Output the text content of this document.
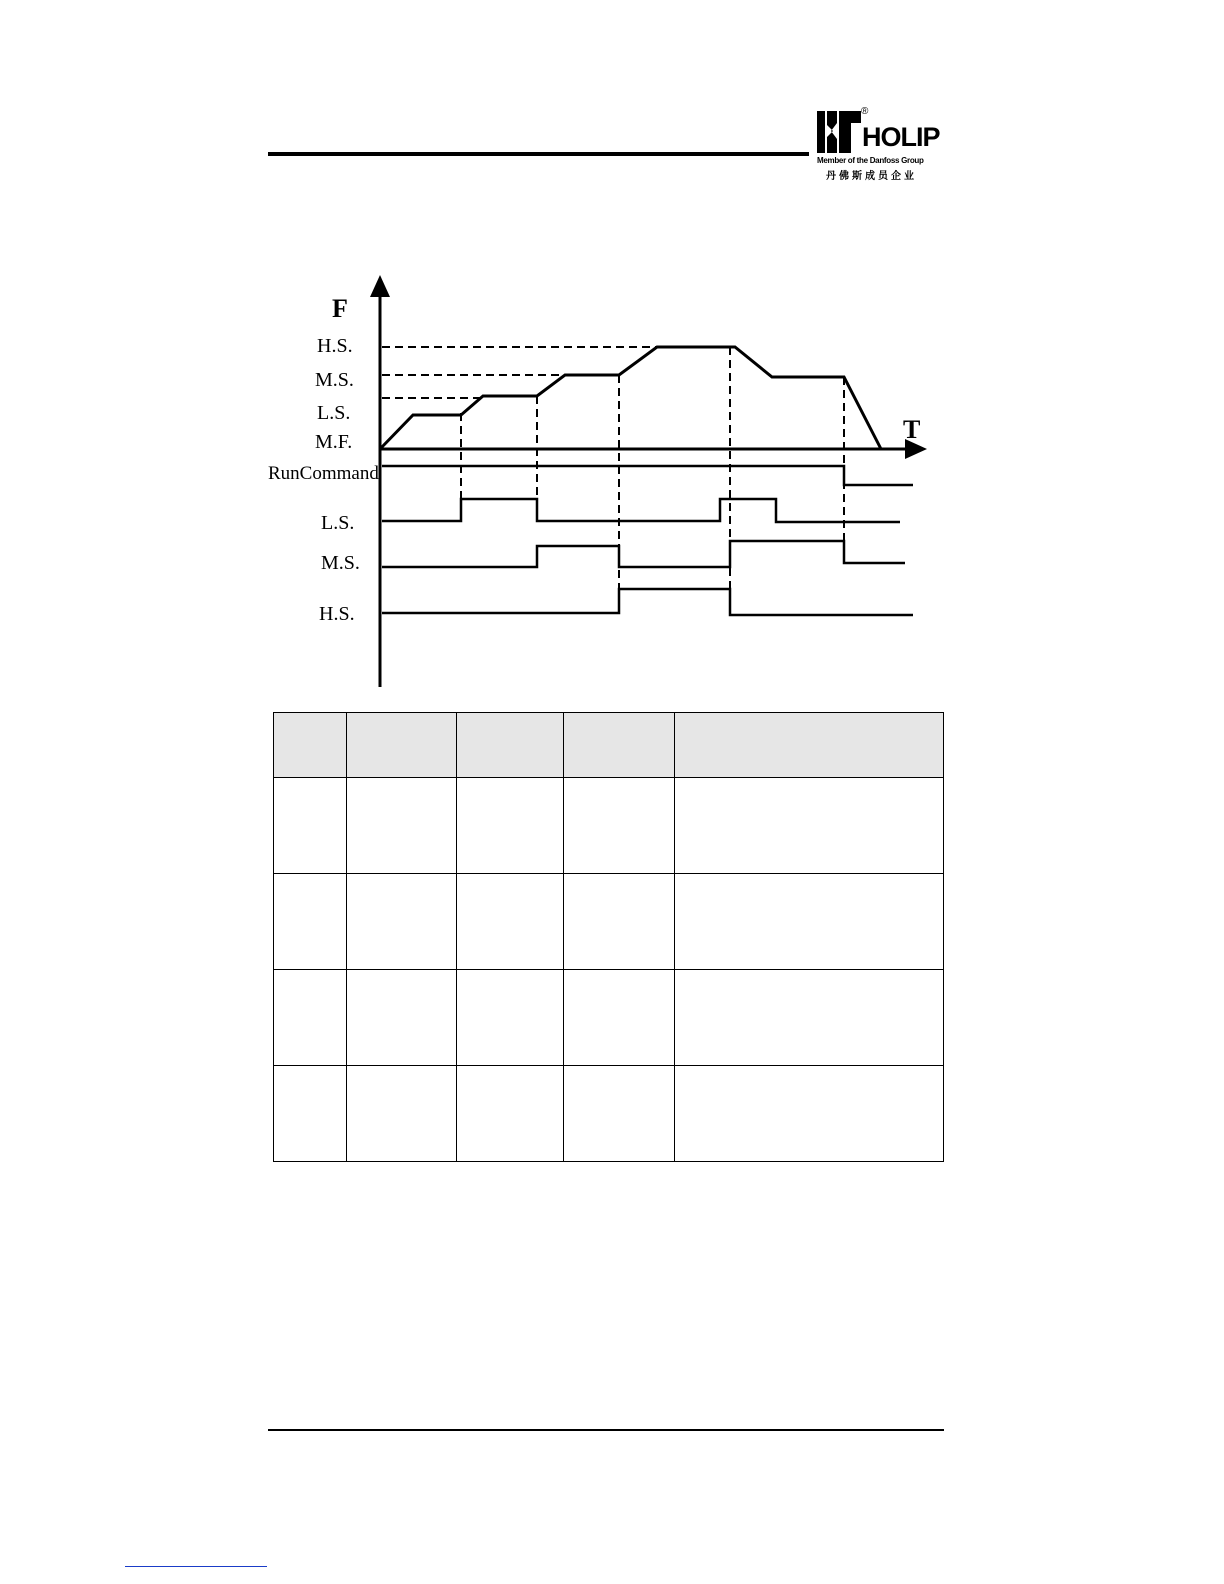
®
HOLIP
Member of the Danfoss Group
丹佛斯成员企业
F
T
H.S.
M.S.
L.S.
M.F.
RunCommand
L.S.
M.S.
H.S.
